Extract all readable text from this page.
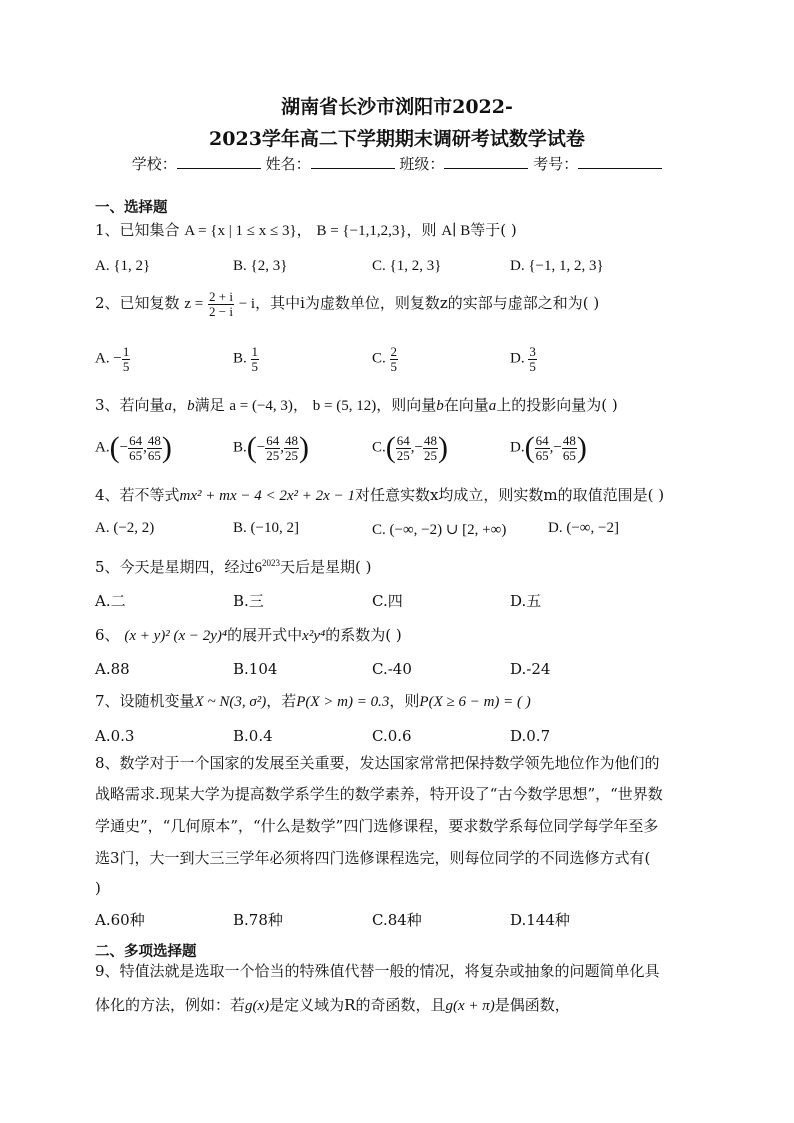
湖南省长沙市浏阳市2022-
2023学年高二下学期期末调研考试数学试卷
学校：	姓名：	班级：	考号：
一、选择题
1、已知集合 A = {x | 1 ≤ x ≤ 3}， B = {−1,1,2,3}，则 A∣ B等于( )
A. {1, 2}	B. {2, 3}	C. {1, 2, 3}	D. {−1, 1, 2, 3}
2、已知复数 $z = \frac{2 + i}{2 - i} - i$，其中i为虚数单位，则复数z的实部与虚部之和为( )
A. − $\frac{1}{5}$	B. $\frac{1}{5}$	C. $\frac{2}{5}$	D. $\frac{3}{5}$
3、若向量a，b满足 a = (−4, 3)， b = (5, 12)，则向量b在向量a上的投影向量为( )
$A.(- \frac{64}{65}$ , $\frac{48}{65}$ )	$B.(- \frac{64}{25}$ , $\frac{48}{25}$ )	$C.( \frac{64}{25}$ ,− $\frac{48}{25}$ )	$D.( \frac{64}{65}$ ,− $\frac{48}{65}$ )
4、若不等式mx² + mx − 4 < 2x² + 2x − 1对任意实数x均成立，则实数m的取值范围是( )
A. (−2, 2)	B. (−10, 2]	C. (−∞, −2) ∪ [2, +∞)	D. (−∞, −2]
5、今天是星期四，经过$6^{2023}$天后是星期( )
A.二	B.三	C.四	D.五
6、 (x + y)² (x − 2y)⁴的展开式中x²y⁴的系数为( )
A.88	B.104	C.-40	D.-24
7、设随机变量X ~ N(3, σ²)，若P(X > m) = 0.3，则P(X ≥ 6 − m) = ( )
A.0.3	B.0.4	C.0.6	D.0.7
8、数学对于一个国家的发展至关重要，发达国家常常把保持数学领先地位作为他们的
战略需求.现某大学为提高数学系学生的数学素养，特开设了“古今数学思想”，“世界数
学通史”，“几何原本”，“什么是数学”四门选修课程，要求数学系每位同学每学年至多
选3门，大一到大三三学年必须将四门选修课程选完，则每位同学的不同选修方式有(
)
A.60种	B.78种	C.84种	D.144种
二、多项选择题
9、特值法就是选取一个恰当的特殊值代替一般的情况，将复杂或抽象的问题简单化具
体化的方法，例如：若g(x)是定义域为R的奇函数，且g(x + π)是偶函数，
